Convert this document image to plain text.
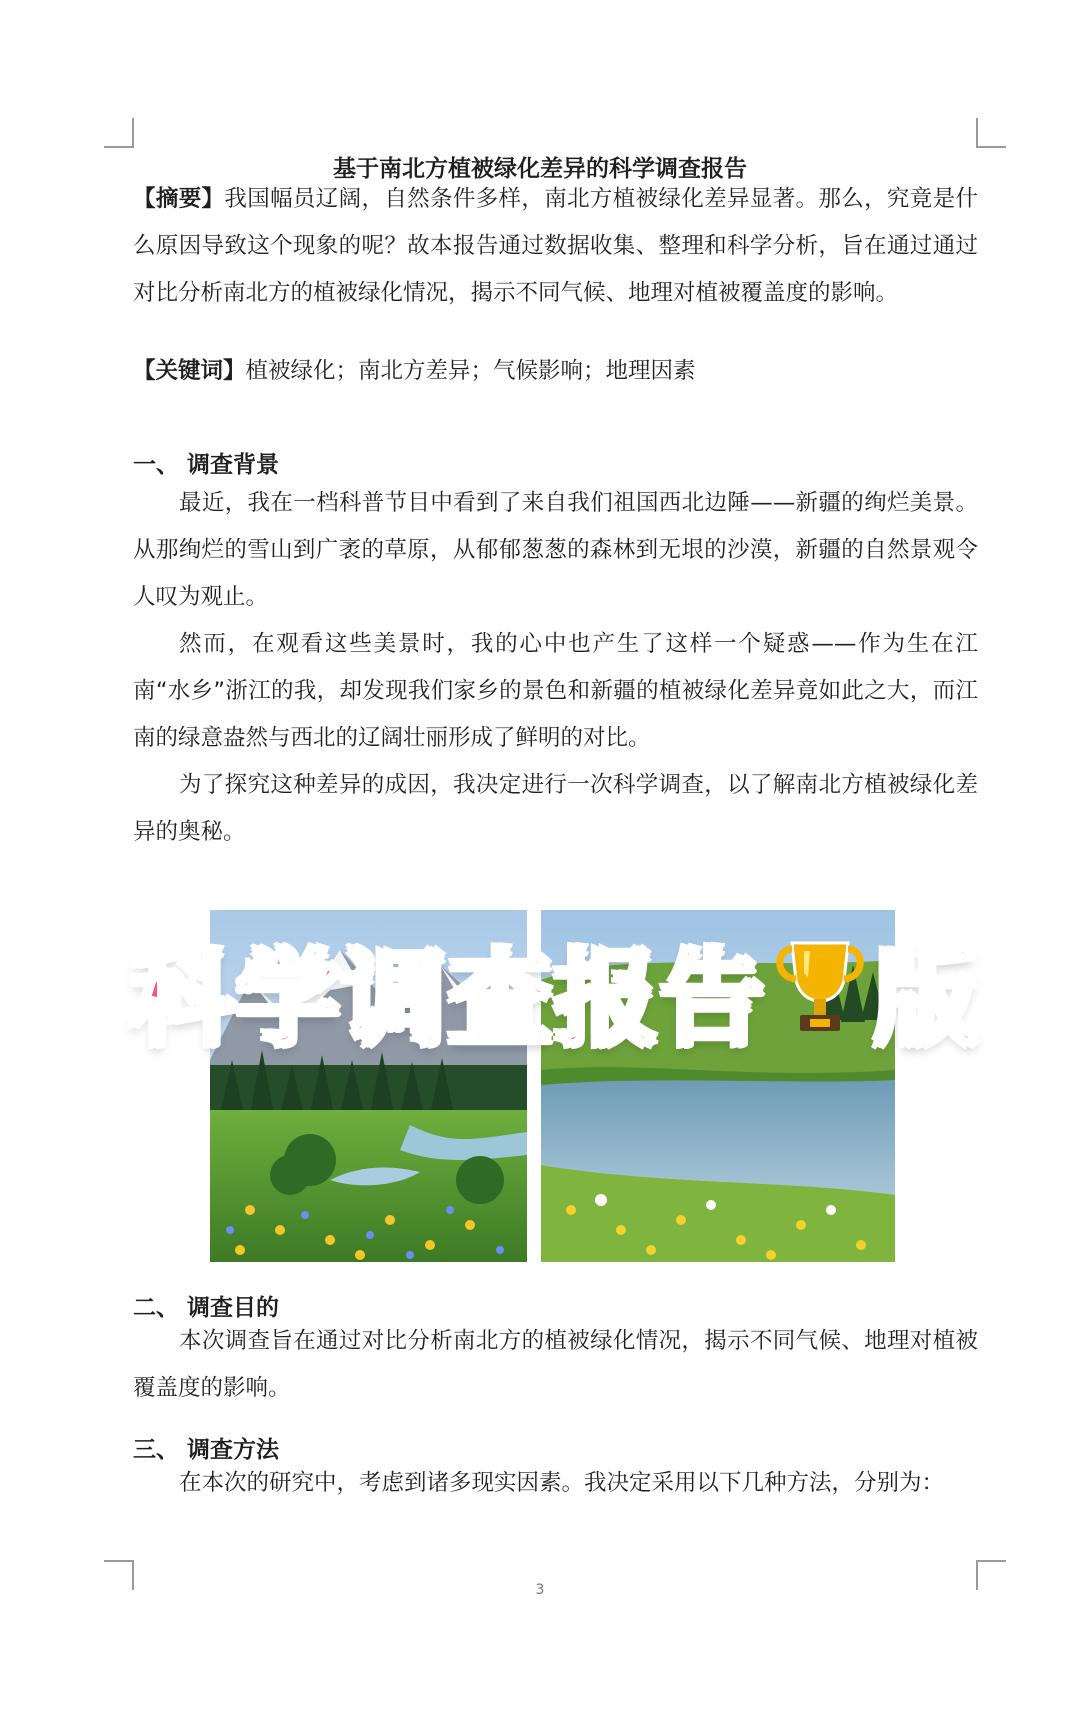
基于南北方植被绿化差异的科学调查报告

【摘要】我国幅员辽阔，自然条件多样，南北方植被绿化差异显著。那么，究竟是什么原因导致这个现象的呢？故本报告通过数据收集、整理和科学分析，旨在通过通过对比分析南北方的植被绿化情况，揭示不同气候、地理对植被覆盖度的影响。

【关键词】植被绿化；南北方差异；气候影响；地理因素

一、 调查背景

最近，我在一档科普节目中看到了来自我们祖国西北边陲——新疆的绚烂美景。从那绚烂的雪山到广袤的草原，从郁郁葱葱的森林到无垠的沙漠，新疆的自然景观令人叹为观止。

然而，在观看这些美景时，我的心中也产生了这样一个疑惑——作为生在江南“水乡”浙江的我，却发现我们家乡的景色和新疆的植被绿化差异竟如此之大，而江南的绿意盎然与西北的辽阔壮丽形成了鲜明的对比。

为了探究这种差异的成因，我决定进行一次科学调查，以了解南北方植被绿化差异的奥秘。

科学调查报告 版
二、 调查目的

本次调查旨在通过对比分析南北方的植被绿化情况，揭示不同气候、地理对植被覆盖度的影响。

三、 调查方法

在本次的研究中，考虑到诸多现实因素。我决定采用以下几种方法，分别为：

3
